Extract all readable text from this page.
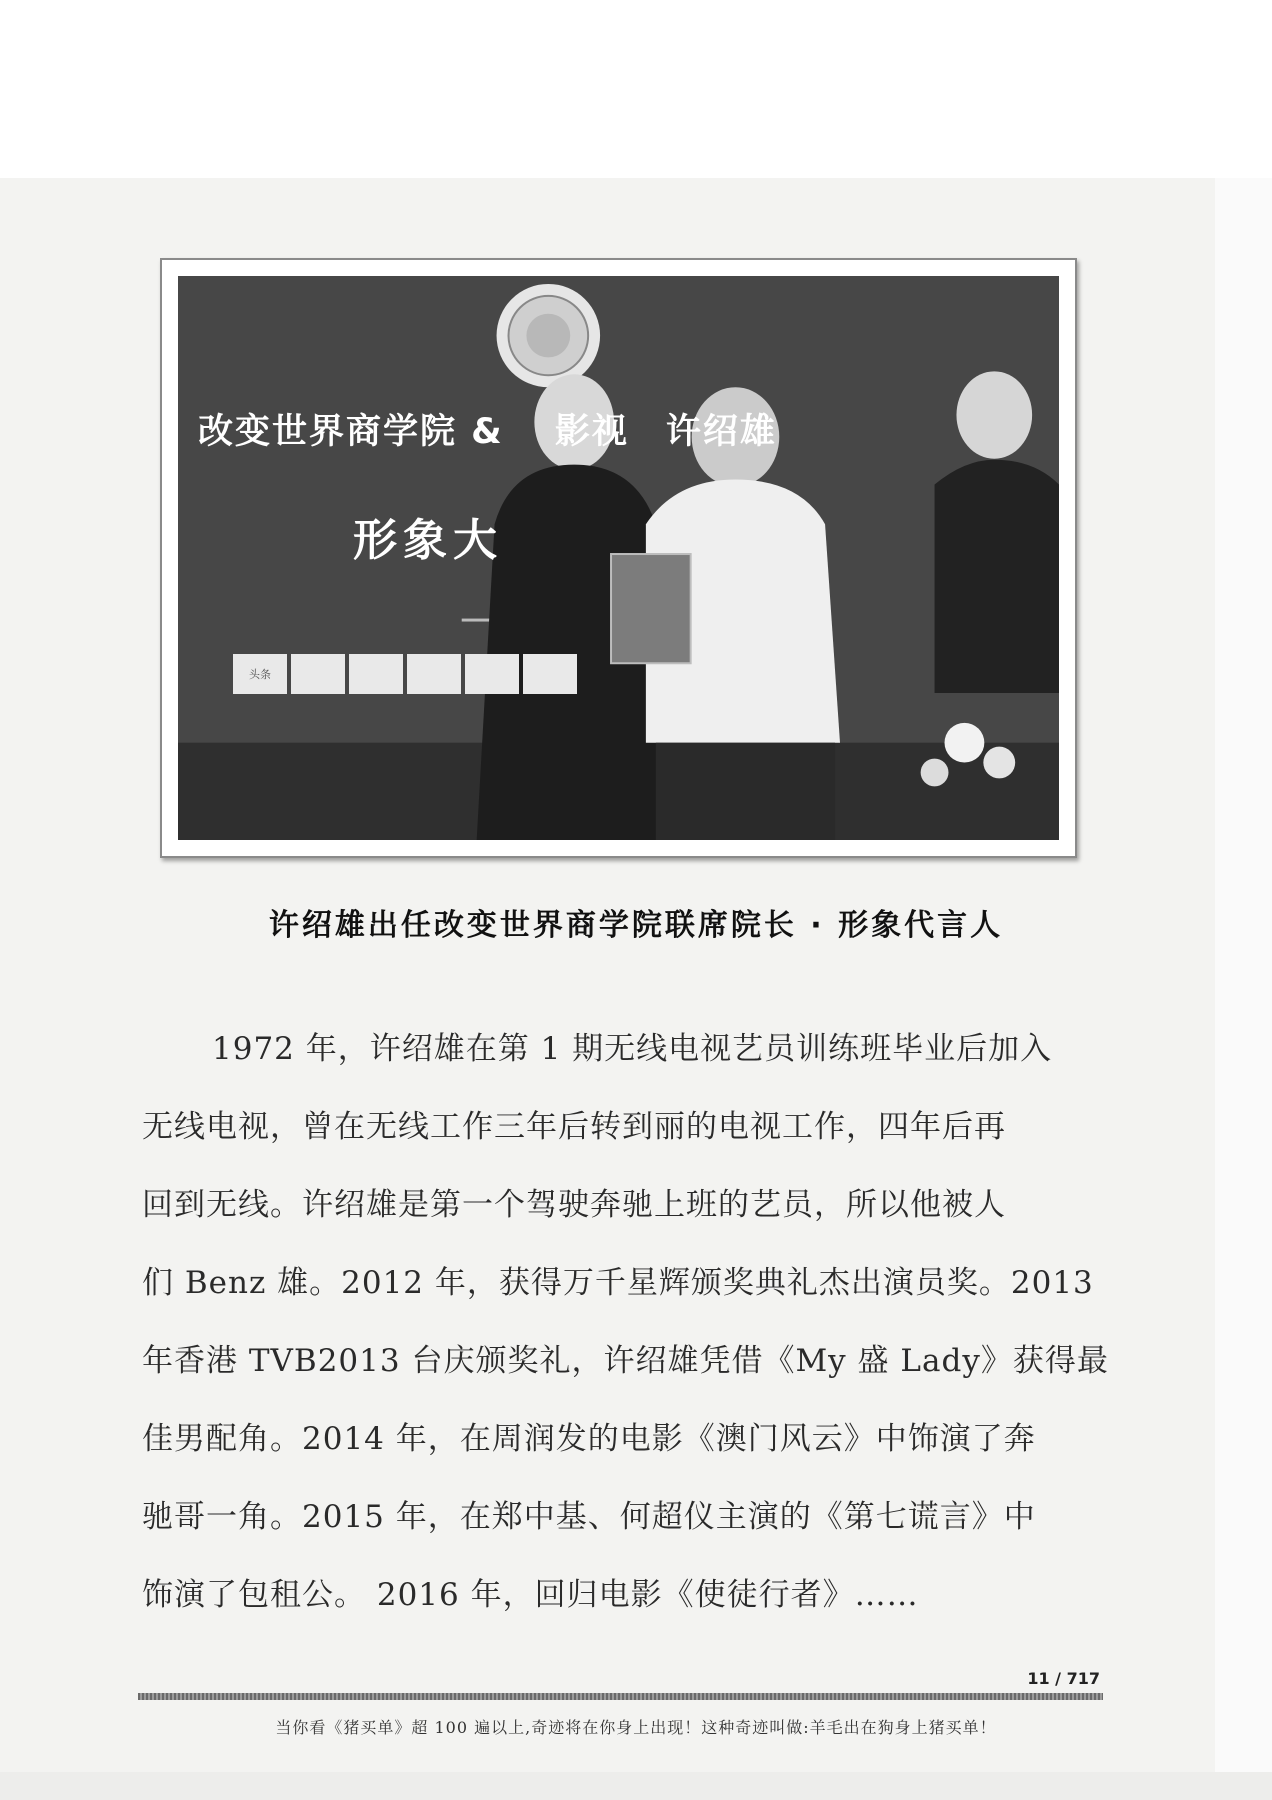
改变世界商学院 & 　影视　许绍雄
形象大　
头条
许绍雄出任改变世界商学院联席院长 · 形象代言人
1972 年，许绍雄在第 1 期无线电视艺员训练班毕业后加入
无线电视，曾在无线工作三年后转到丽的电视工作，四年后再
回到无线。许绍雄是第一个驾驶奔驰上班的艺员，所以他被人
们 Benz 雄。2012 年，获得万千星辉颁奖典礼杰出演员奖。2013
年香港 TVB2013 台庆颁奖礼，许绍雄凭借《My 盛 Lady》获得最
佳男配角。2014 年，在周润发的电影《澳门风云》中饰演了奔
驰哥一角。2015 年，在郑中基、何超仪主演的《第七谎言》中
饰演了包租公。 2016 年，回归电影《使徒行者》……
11 / 717
当你看《猪买单》超 100 遍以上,奇迹将在你身上出现！这种奇迹叫做:羊毛出在狗身上猪买单！
